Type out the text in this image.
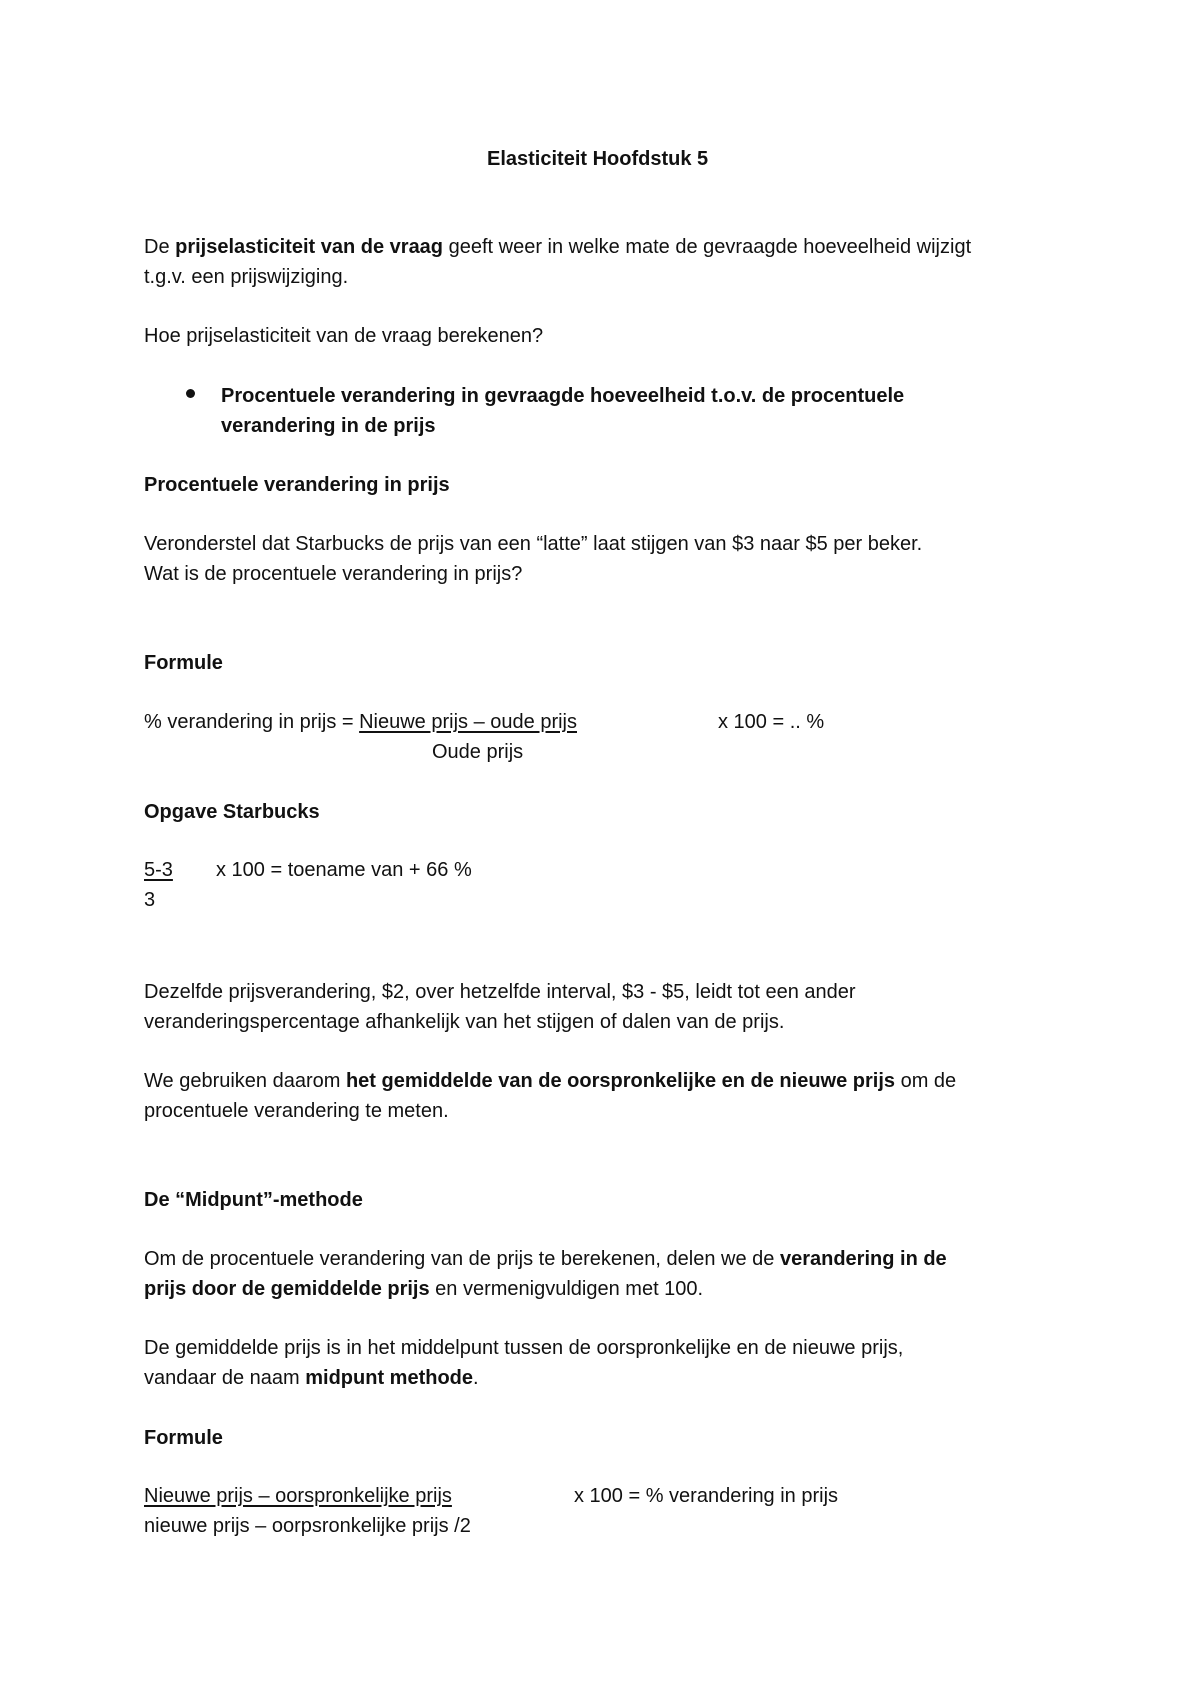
Elasticiteit Hoofdstuk 5
De prijselasticiteit van de vraag geeft weer in welke mate de gevraagde hoeveelheid wijzigt
t.g.v. een prijswijziging.
Hoe prijselasticiteit van de vraag berekenen?
Procentuele verandering in gevraagde hoeveelheid t.o.v. de procentuele
verandering in de prijs
Procentuele verandering in prijs
Veronderstel dat Starbucks de prijs van een “latte” laat stijgen van $3 naar $5 per beker.
Wat is de procentuele verandering in prijs?
Formule
% verandering in prijs = Nieuwe prijs – oude prijs	x 100 = .. %
Oude prijs
Opgave Starbucks
5-3 x 100 = toename van + 66 %
3
Dezelfde prijsverandering, $2, over hetzelfde interval, $3 - $5, leidt tot een ander
veranderingspercentage afhankelijk van het stijgen of dalen van de prijs.
We gebruiken daarom het gemiddelde van de oorspronkelijke en de nieuwe prijs om de
procentuele verandering te meten.
De “Midpunt”-methode
Om de procentuele verandering van de prijs te berekenen, delen we de verandering in de
prijs door de gemiddelde prijs en vermenigvuldigen met 100.
De gemiddelde prijs is in het middelpunt tussen de oorspronkelijke en de nieuwe prijs,
vandaar de naam midpunt methode.
Formule
Nieuwe prijs – oorspronkelijke prijs	x 100 = % verandering in prijs
nieuwe prijs – oorpsronkelijke prijs /2
